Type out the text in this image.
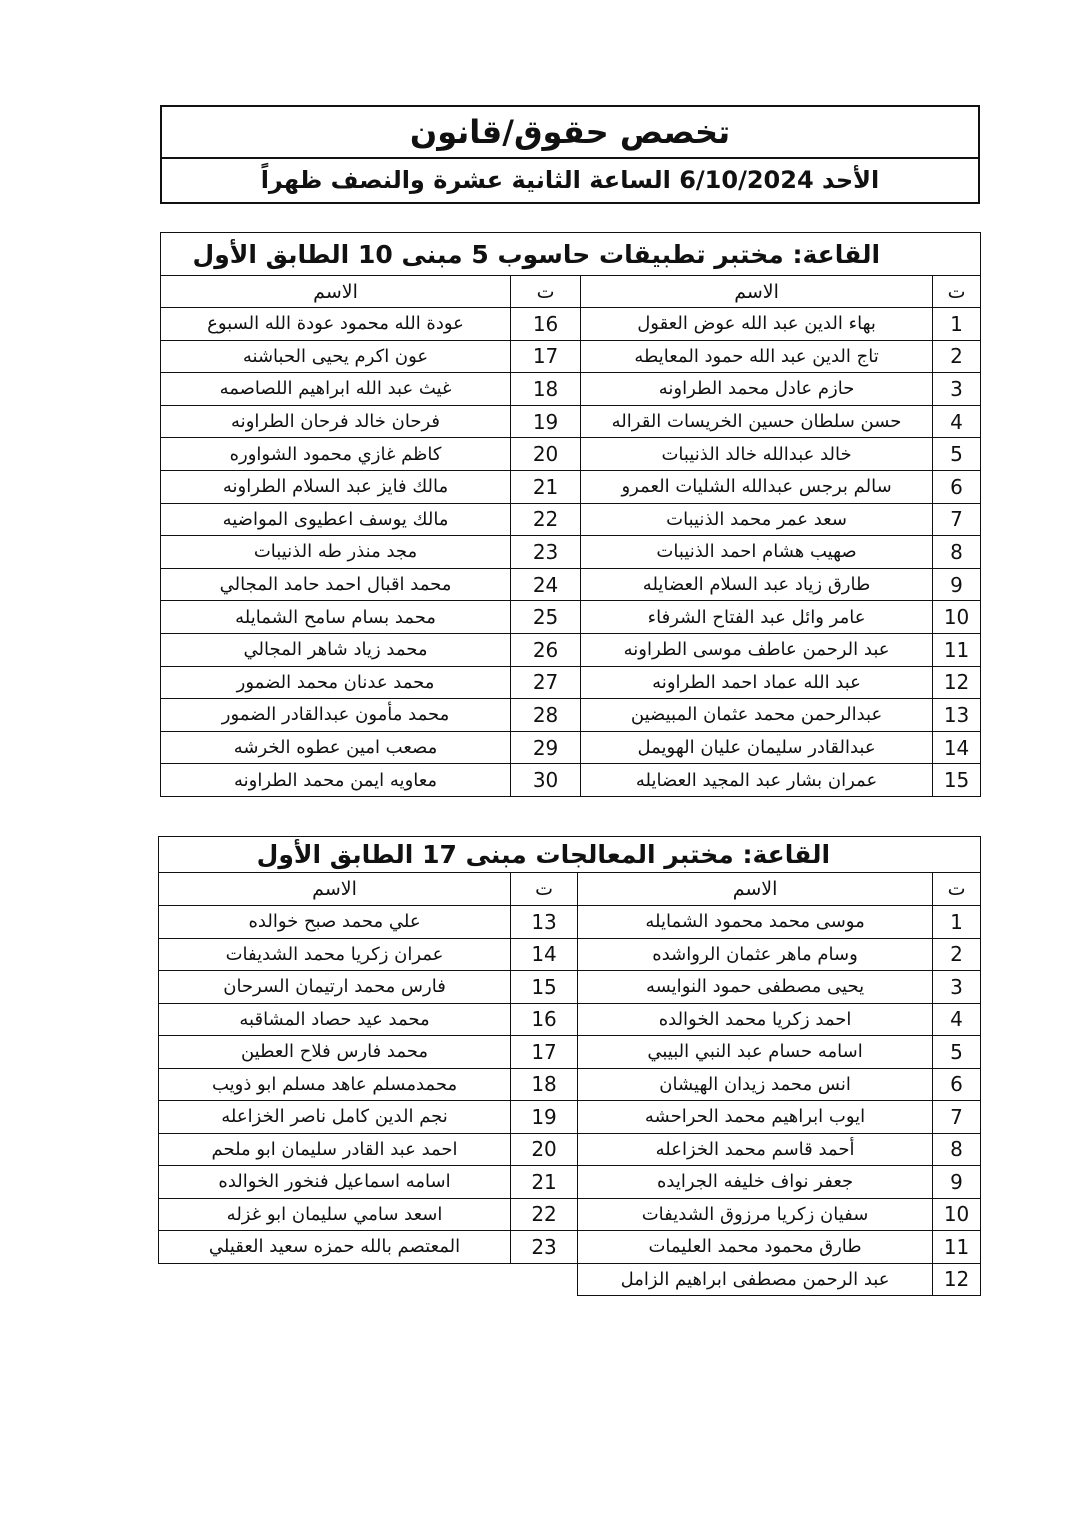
تخصص حقوق/قانون
الأحد 6/10/2024 الساعة الثانية عشرة والنصف ظهراً
القاعة: مختبر تطبيقات حاسوب 5 مبنى 10 الطابق الأول			
ت	الاسم	ت	الاسم
1	بهاء الدين عبد الله عوض العقول	16	عودة الله محمود عودة الله السبوع
2	تاج الدين عبد الله حمود المعايطه	17	عون اكرم يحيى الحباشنه
3	حازم عادل محمد الطراونه	18	غيث عبد الله ابراهيم اللصاصمه
4	حسن سلطان حسين الخريسات القراله	19	فرحان خالد فرحان الطراونه
5	خالد عبدالله خالد الذنيبات	20	كاظم غازي محمود الشواوره
6	سالم برجس عبدالله الشليات العمرو	21	مالك فايز عبد السلام الطراونه
7	سعد عمر محمد الذنيبات	22	مالك يوسف اعطيوى المواضيه
8	صهيب هشام احمد الذنيبات	23	مجد منذر طه الذنيبات
9	طارق زياد عبد السلام العضايله	24	محمد اقبال احمد حامد المجالي
10	عامر وائل عبد الفتاح الشرفاء	25	محمد بسام سامح الشمايله
11	عبد الرحمن عاطف موسى الطراونه	26	محمد زياد شاهر المجالي
12	عبد الله عماد احمد الطراونه	27	محمد عدنان محمد الضمور
13	عبدالرحمن محمد عثمان المبيضين	28	محمد مأمون عبدالقادر الضمور
14	عبدالقادر سليمان عليان الهويمل	29	مصعب امين عطوه الخرشه
15	عمران بشار عبد المجيد العضايله	30	معاويه ايمن محمد الطراونه
القاعة: مختبر المعالجات مبنى 17 الطابق الأول			
ت	الاسم	ت	الاسم
1	موسى محمد محمود الشمايله	13	علي محمد صبح خوالده
2	وسام ماهر عثمان الرواشده	14	عمران زكريا محمد الشديفات
3	يحيى مصطفى حمود النوايسه	15	فارس محمد ارتيمان السرحان
4	احمد زكريا محمد الخوالده	16	محمد عيد حصاد المشاقبه
5	اسامه حسام عبد النبي البيبي	17	محمد فارس فلاح العطين
6	انس محمد زيدان الهيشان	18	محمدمسلم عاهد مسلم ابو ذويب
7	ايوب ابراهيم محمد الحراحشه	19	نجم الدين كامل ناصر الخزاعله
8	أحمد قاسم محمد الخزاعله	20	احمد عبد القادر سليمان ابو ملحم
9	جعفر نواف خليفه الجرايده	21	اسامه اسماعيل فنخور الخوالده
10	سفيان زكريا مرزوق الشديفات	22	اسعد سامي سليمان ابو غزله
11	طارق محمود محمد العليمات	23	المعتصم بالله حمزه سعيد العقيلي
12	عبد الرحمن مصطفى ابراهيم الزامل		
